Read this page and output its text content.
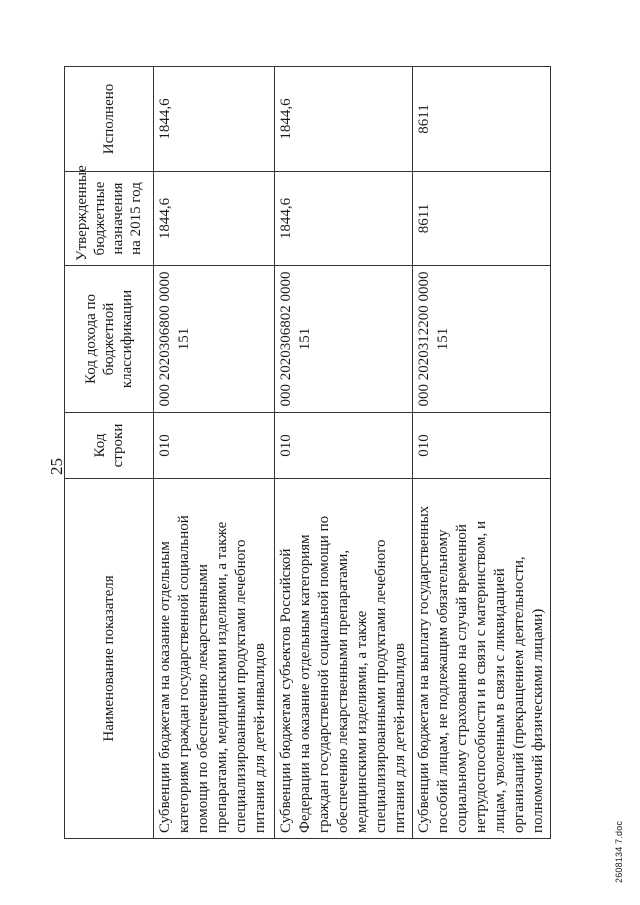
25
Наименование показателя	Код строки	Код дохода по бюджетной классификации	Утвержденные бюджетные назначения на 2015 год	Исполнено
Субвенции бюджетам на оказание отдельным категориям граждан государственной социальной помощи по обеспечению лекарственными препаратами, медицинскими изделиями, а также специализированными продуктами лечебного питания для детей-инвалидов	010	000 2020306800 0000 151	1844,6	1844,6
Субвенции бюджетам субъектов Российской Федерации на оказание отдельным категориям граждан государственной социальной помощи по обеспечению лекарственными препаратами, медицинскими изделиями, а также специализированными продуктами лечебного питания для детей-инвалидов	010	000 2020306802 0000 151	1844,6	1844,6
Субвенции бюджетам на выплату государственных пособий лицам, не подлежащим обязательному социальному страхованию на случай временной нетрудоспособности и в связи с материнством, и лицам, уволенным в связи с ликвидацией организаций (прекращением деятельности, полномочий физическими лицами)	010	000 2020312200 0000 151	8611	8611
2608134 7.doc
